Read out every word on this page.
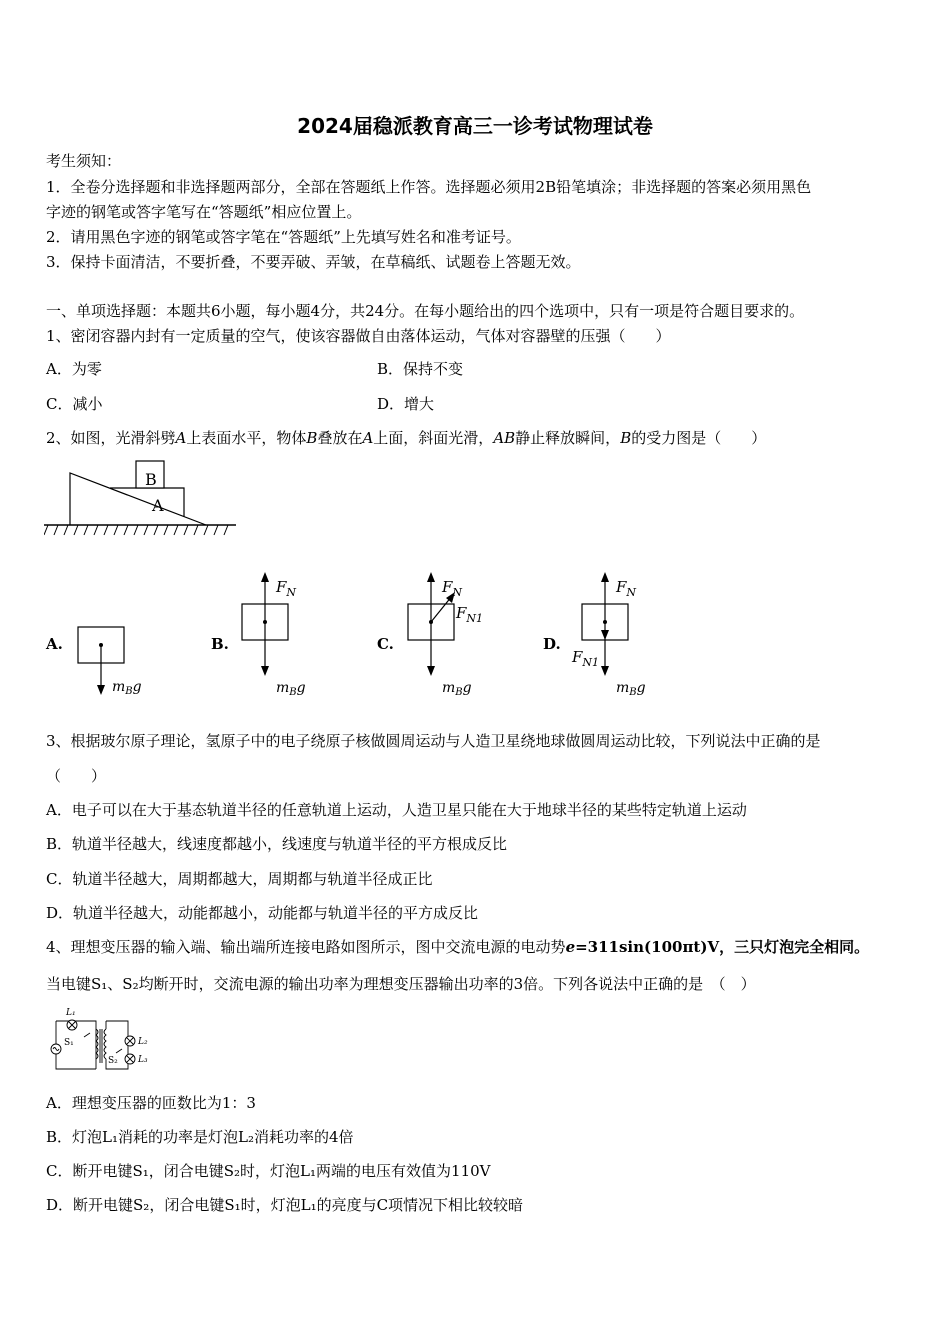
2024届稳派教育高三一诊考试物理试卷
考生须知：
1．全卷分选择题和非选择题两部分，全部在答题纸上作答。选择题必须用2B铅笔填涂；非选择题的答案必须用黑色
字迹的钢笔或答字笔写在“答题纸”相应位置上。
2．请用黑色字迹的钢笔或答字笔在“答题纸”上先填写姓名和准考证号。
3．保持卡面清洁，不要折叠，不要弄破、弄皱，在草稿纸、试题卷上答题无效。
一、单项选择题：本题共6小题，每小题4分，共24分。在每小题给出的四个选项中，只有一项是符合题目要求的。
1、密闭容器内封有一定质量的空气，使该容器做自由落体运动，气体对容器壁的压强（　　）
A．为零	B．保持不变
C．减小	D．增大
2、如图，光滑斜劈A上表面水平，物体B叠放在A上面，斜面光滑，AB静止释放瞬间，B的受力图是（　　）
B
A
A.
$m_Bg$
B.
$F_N$
$m_Bg$
C.
$F_N$
$F_{N1}$
$m_Bg$
D.
$F_N$
$F_{N1}$
$m_Bg$
3、根据玻尔原子理论，氢原子中的电子绕原子核做圆周运动与人造卫星绕地球做圆周运动比较，下列说法中正确的是
（　　）
A．电子可以在大于基态轨道半径的任意轨道上运动，人造卫星只能在大于地球半径的某些特定轨道上运动
B．轨道半径越大，线速度都越小，线速度与轨道半径的平方根成反比
C．轨道半径越大，周期都越大，周期都与轨道半径成正比
D．轨道半径越大，动能都越小，动能都与轨道半径的平方成反比
4、理想变压器的输入端、输出端所连接电路如图所示，图中交流电源的电动势e=311sin(100πt)V，三只灯泡完全相同。
当电键S₁、S₂均断开时，交流电源的输出功率为理想变压器输出功率的3倍。下列各说法中正确的是　（　）
L₁
S₁	L₂
L₃
S₂
A．理想变压器的匝数比为1：3
B．灯泡L₁消耗的功率是灯泡L₂消耗功率的4倍
C．断开电键S₁，闭合电键S₂时，灯泡L₁两端的电压有效值为110V
D．断开电键S₂，闭合电键S₁时，灯泡L₁的亮度与C项情况下相比较较暗
